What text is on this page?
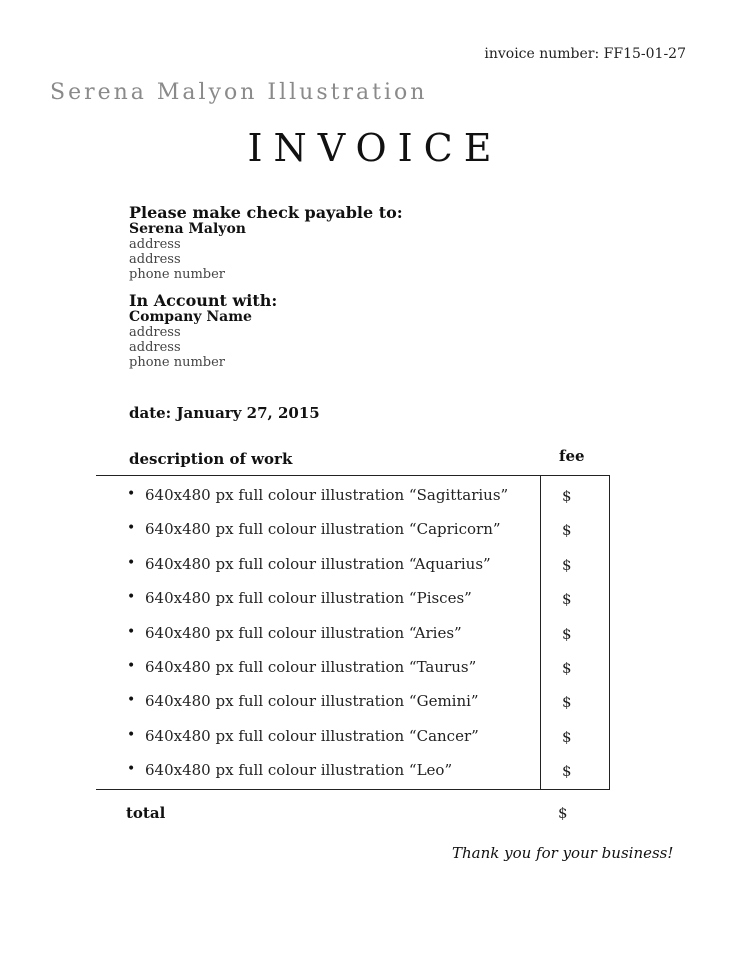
invoice number: FF15-01-27
Serena Malyon Illustration
INVOICE
Please make check payable to:
Serena Malyon
address
address
phone number
In Account with:
Company Name
address
address
phone number
date: January 27, 2015
description of work	fee
• 640x480 px full colour illustration “Sagittarius”	$
• 640x480 px full colour illustration “Capricorn”	$
• 640x480 px full colour illustration “Aquarius”	$
• 640x480 px full colour illustration “Pisces”	$
• 640x480 px full colour illustration “Aries”	$
• 640x480 px full colour illustration “Taurus”	$
• 640x480 px full colour illustration “Gemini”	$
• 640x480 px full colour illustration “Cancer”	$
• 640x480 px full colour illustration “Leo”	$
total	$
Thank you for your business!
